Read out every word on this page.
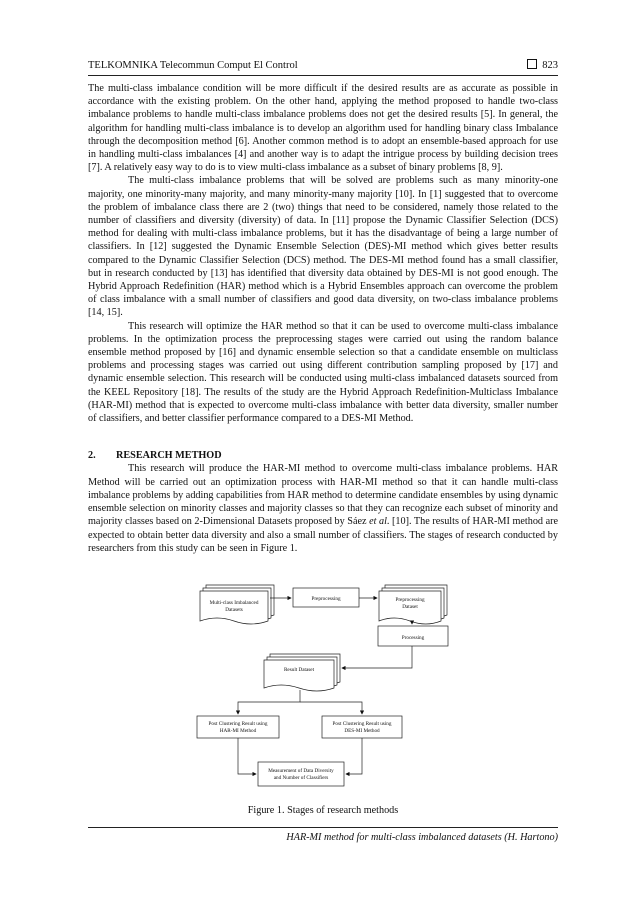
TELKOMNIKA Telecommun Comput El Control	823

The multi-class imbalance condition will be more difficult if the desired results are as accurate as possible in accordance with the existing problem. On the other hand, applying the method proposed to handle two-class imbalance problems to handle multi-class imbalance problems does not get the desired results [5]. In general, the algorithm for handling multi-class imbalance is to develop an algorithm used for handling binary class Imbalance through the decomposition method [6]. Another common method is to adopt an ensemble-based approach for use in handling multi-class imbalances [4] and another way is to adapt the intrigue process by building decision trees [7]. A relatively easy way to do is to view multi-class imbalance as a subset of binary problems [8, 9].

The multi-class imbalance problems that will be solved are problems such as many minority-one majority, one minority-many majority, and many minority-many majority [10]. In [1] suggested that to overcome the problem of imbalance class there are 2 (two) things that need to be considered, namely those related to the number of classifiers and diversity (diversity) of data. In [11] propose the Dynamic Classifier Selection (DCS) method for dealing with multi-class imbalance problems, but it has the disadvantage of being a large number of classifiers. In [12] suggested the Dynamic Ensemble Selection (DES)-MI method which gives better results compared to the Dynamic Classifier Selection (DCS) method. The DES-MI method found has a small classifier, but in research conducted by [13] has identified that diversity data obtained by DES-MI is not good enough. The Hybrid Approach Redefinition (HAR) method which is a Hybrid Ensembles approach can overcome the problem of class imbalance with a small number of classifiers and good data diversity, on two-class imbalance problems [14, 15].

This research will optimize the HAR method so that it can be used to overcome multi-class imbalance problems. In the optimization process the preprocessing stages were carried out using the random balance ensemble method proposed by [16] and dynamic ensemble selection so that a candidate ensemble on multiclass problems and processing stages was carried out using different contribution sampling proposed by [17] and dynamic ensemble selection. This research will be conducted using multi-class imbalanced datasets sourced from the KEEL Repository [18]. The results of the study are the Hybrid Approach Redefinition-Multiclass Imbalance (HAR-MI) method that is expected to overcome multi-class imbalance with better data diversity, smaller number of classifiers, and better classifier performance compared to a DES-MI Method.

2. RESEARCH METHOD

This research will produce the HAR-MI method to overcome multi-class imbalance problems. HAR Method will be carried out an optimization process with HAR-MI method so that it can handle multi-class imbalance problems by adding capabilities from HAR method to determine candidate ensembles by using dynamic ensemble selection on minority classes and majority classes so that they can recognize each subset of minority and majority classes based on 2-Dimensional Datasets proposed by Sáez et al. [10]. The results of HAR-MI method are expected to obtain better data diversity and also a small number of classifiers. The stages of research conducted by researchers from this study can be seen in Figure 1.

Multi-class Imbalanced
Datasets
Preprocessing	Preprocessing
Dataset
Processing
Result Dataset
Post Clustering Result using
HAR-MI Method
Post Clustering Result using
DES-MI Method
Measurement of Data Diversity
and Number of Classifiers
Figure 1. Stages of research methods
HAR-MI method for multi-class imbalanced datasets (H. Hartono)
